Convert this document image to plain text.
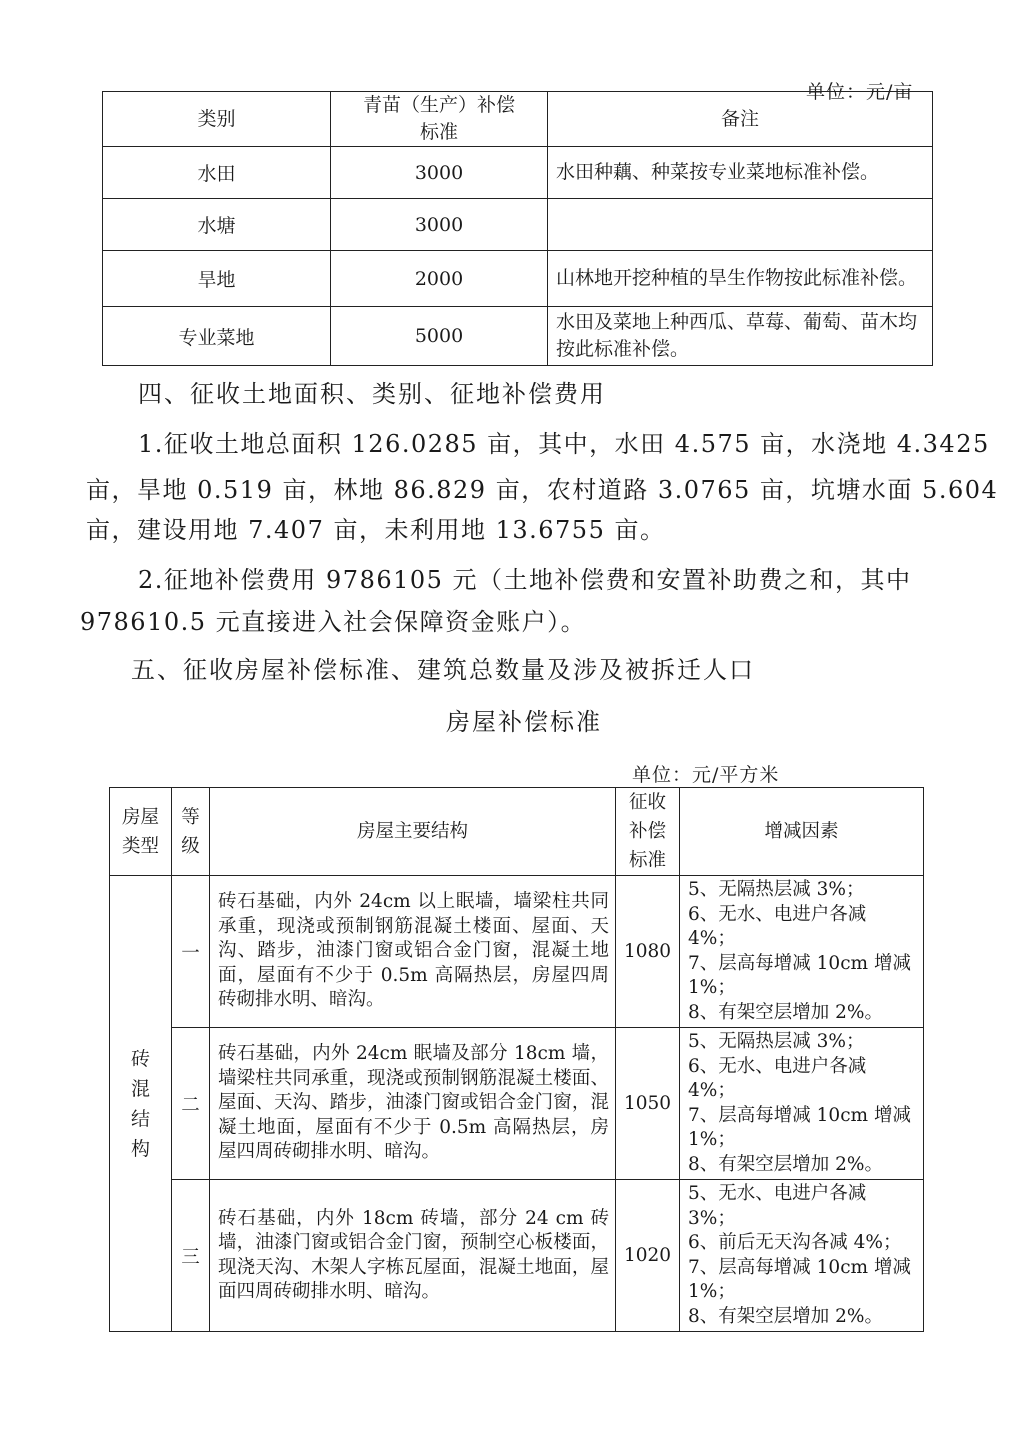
单位：元/亩
类别	青苗（生产）补偿标准	备注
水田	3000	水田种藕、种菜按专业菜地标准补偿。
水塘	3000	
旱地	2000	山林地开挖种植的旱生作物按此标准补偿。
专业菜地	5000	水田及菜地上种西瓜、草莓、葡萄、苗木均按此标准补偿。
四、征收土地面积、类别、征地补偿费用
1.征收土地总面积 126.0285 亩，其中，水田 4.575 亩，水浇地 4.3425
亩，旱地 0.519 亩，林地 86.829 亩，农村道路 3.0765 亩，坑塘水面 5.604
亩，建设用地 7.407 亩，未利用地 13.6755 亩。
2.征地补偿费用 9786105 元（土地补偿费和安置补助费之和，其中
978610.5 元直接进入社会保障资金账户）。
五、征收房屋补偿标准、建筑总数量及涉及被拆迁人口
房屋补偿标准
单位：元/平方米
房屋类型	等级	房屋主要结构	征收补偿标准	增减因素

砖混结构	一	砖石基础，内外 24cm 以上眠墙，墙梁柱共同承重，现浇或预制钢筋混凝土楼面、屋面、天沟、踏步，油漆门窗或铝合金门窗，混凝土地面，屋面有不少于 0.5m 高隔热层，房屋四周砖砌排水明、暗沟。	1080	5、无隔热层减 3%；
6、无水、电进户各减 4%；
7、层高每增减 10cm 增减 1%；
8、有架空层增加 2%。

	二	砖石基础，内外 24cm 眠墙及部分 18cm 墙，墙梁柱共同承重，现浇或预制钢筋混凝土楼面、屋面、天沟、踏步，油漆门窗或铝合金门窗，混凝土地面，屋面有不少于 0.5m 高隔热层，房屋四周砖砌排水明、暗沟。	1050	5、无隔热层减 3%；
6、无水、电进户各减 4%；
7、层高每增减 10cm 增减 1%；
8、有架空层增加 2%。

	三	砖石基础，内外 18cm 砖墙，部分 24 cm 砖墙，油漆门窗或铝合金门窗，预制空心板楼面，现浇天沟、木架人字栋瓦屋面，混凝土地面，屋面四周砖砌排水明、暗沟。	1020	5、无水、电进户各减 3%；
6、前后无天沟各减 4%；
7、层高每增减 10cm 增减 1%；
8、有架空层增加 2%。
